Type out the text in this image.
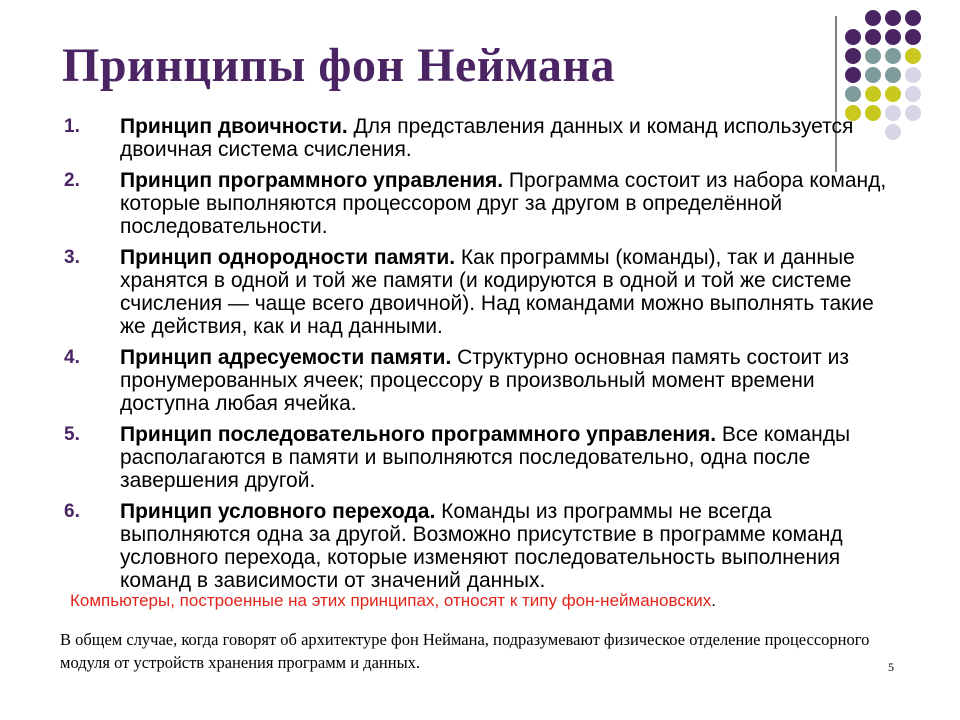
Принципы фон Неймана
1.	Принцип двоичности. Для представления данных и команд используется двоичная система счисления.
2.	Принцип программного управления. Программа состоит из набора команд, которые выполняются процессором друг за другом в определённой последовательности.
3.	Принцип однородности памяти. Как программы (команды), так и данные хранятся в одной и той же памяти (и кодируются в одной и той же системе счисления — чаще всего двоичной). Над командами можно выполнять такие же действия, как и над данными.
4.	Принцип адресуемости памяти. Структурно основная память состоит из пронумерованных ячеек; процессору в произвольный момент времени доступна любая ячейка.
5.	Принцип последовательного программного управления. Все команды располагаются в памяти и выполняются последовательно, одна после завершения другой.
6.	Принцип условного перехода. Команды из программы не всегда выполняются одна за другой. Возможно присутствие в программе команд условного перехода, которые изменяют последовательность выполнения команд в зависимости от значений данных.

Компьютеры, построенные на этих принципах, относят к типу фон-неймановских.

В общем случае, когда говорят об архитектуре фон Неймана, подразумевают физическое отделение процессорного модуля от устройств хранения программ и данных.	5
